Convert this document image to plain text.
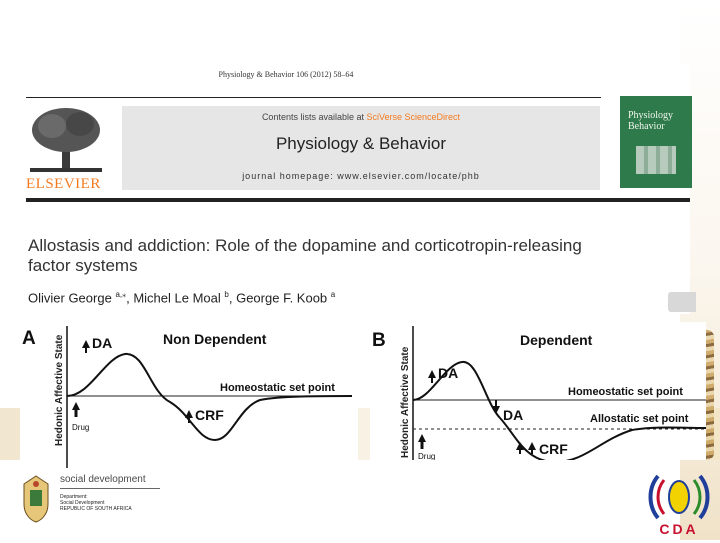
Physiology & Behavior 106 (2012) 58–64
ELSEVIER
Contents lists available at SciVerse ScienceDirect
Physiology & Behavior
journal homepage: www.elsevier.com/locate/phb
Physiology Behavior
Allostasis and addiction: Role of the dopamine and corticotropin-releasing
factor systems
Olivier George $^{a,⁎}$, Michel Le Moal $^b$, George F. Koob $^a$
A Hedonic Affective State	Non Dependent
DA
Homeostatic set point
CRF
Drug
B
Hedonic Affective State
Dependent
DA
Homeostatic set point
Allostatic set point
DA
CRF
Drug
social development
Department:
Social Development
REPUBLIC OF SOUTH AFRICA
CDA
